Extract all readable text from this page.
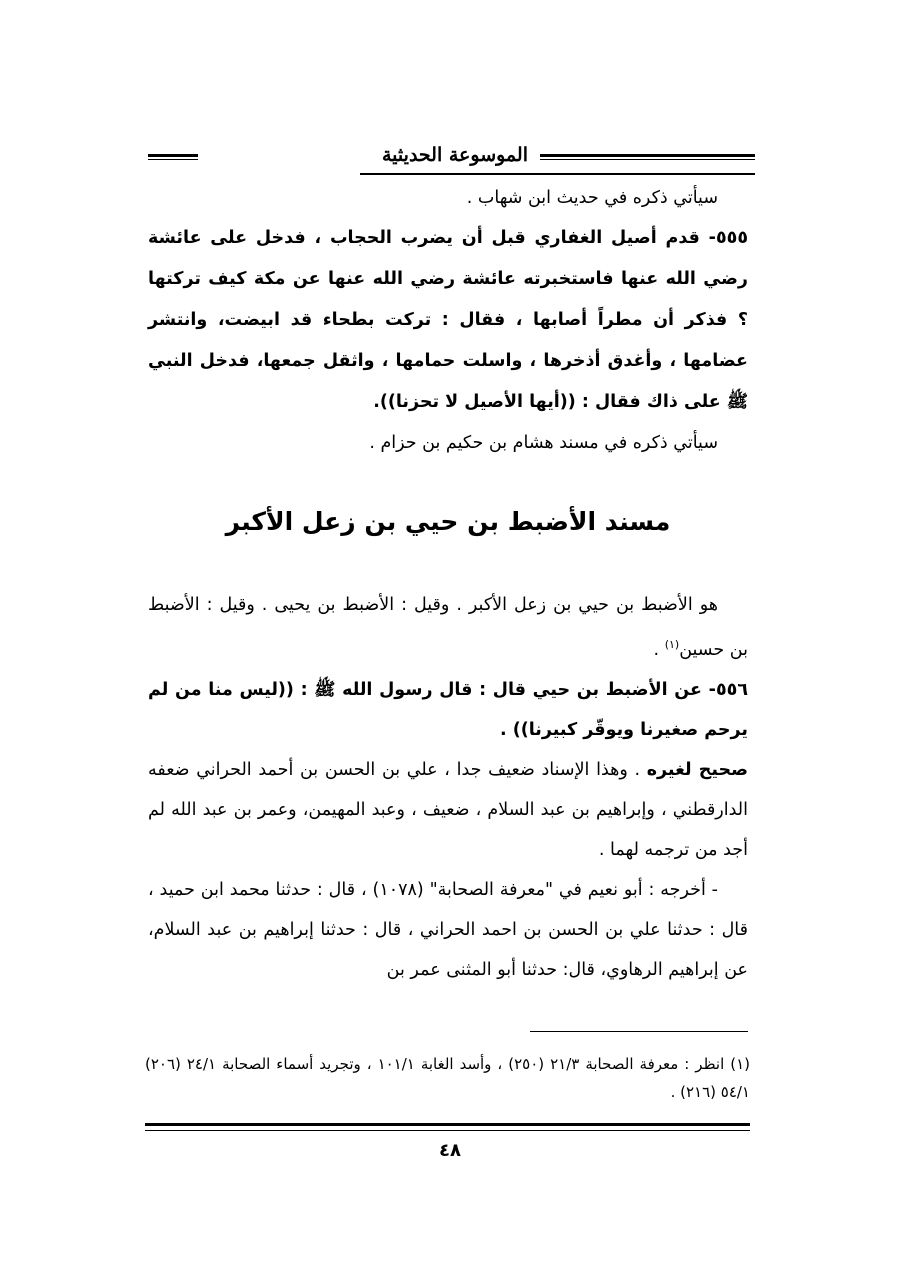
الموسوعة الحديثية

سيأتي ذكره في حديث ابن شهاب .

٥٥٥- قدم أصيل الغفاري قبل أن يضرب الحجاب ، فدخل على عائشة رضي الله عنها فاستخبرته عائشة رضي الله عنها عن مكة كيف تركتها ؟ فذكر أن مطراً أصابها ، فقال : تركت بطحاء قد ابيضت، وانتشر عضامها ، وأغدق أذخرها ، واسلت حمامها ، واثقل جمعها، فدخل النبي ﷺ على ذاك فقال : ((أيها الأصيل لا تحزنا)).

سيأتي ذكره في مسند هشام بن حكيم بن حزام .

مسند الأضبط بن حيي بن زعل الأكبر

هو الأضبط بن حيي بن زعل الأكبر . وقيل : الأضبط بن يحيى . وقيل : الأضبط بن حسين$^{(١)}$ .

٥٥٦- عن الأضبط بن حيي قال : قال رسول الله ﷺ : ((ليس منا من لم يرحم صغيرنا ويوقّر كبيرنا)) .

صحيح لغيره . وهذا الإسناد ضعيف جدا ، علي بن الحسن بن أحمد الحراني ضعفه الدارقطني ، وإبراهيم بن عبد السلام ، ضعيف ، وعبد المهيمن، وعمر بن عبد الله لم أجد من ترجمه لهما .

- أخرجه : أبو نعيم في "معرفة الصحابة" (١٠٧٨) ، قال : حدثنا محمد ابن حميد ، قال : حدثنا علي بن الحسن بن احمد الحراني ، قال : حدثنا إبراهيم بن عبد السلام، عن إبراهيم الرهاوي، قال: حدثنا أبو المثنى عمر بن

(١) انظر : معرفة الصحابة ٢١/٣ (٢٥٠) ، وأسد الغابة ١٠١/١ ، وتجريد أسماء الصحابة ٢٤/١ (٢٠٦) ٥٤/١ (٢١٦) .
٤٨
